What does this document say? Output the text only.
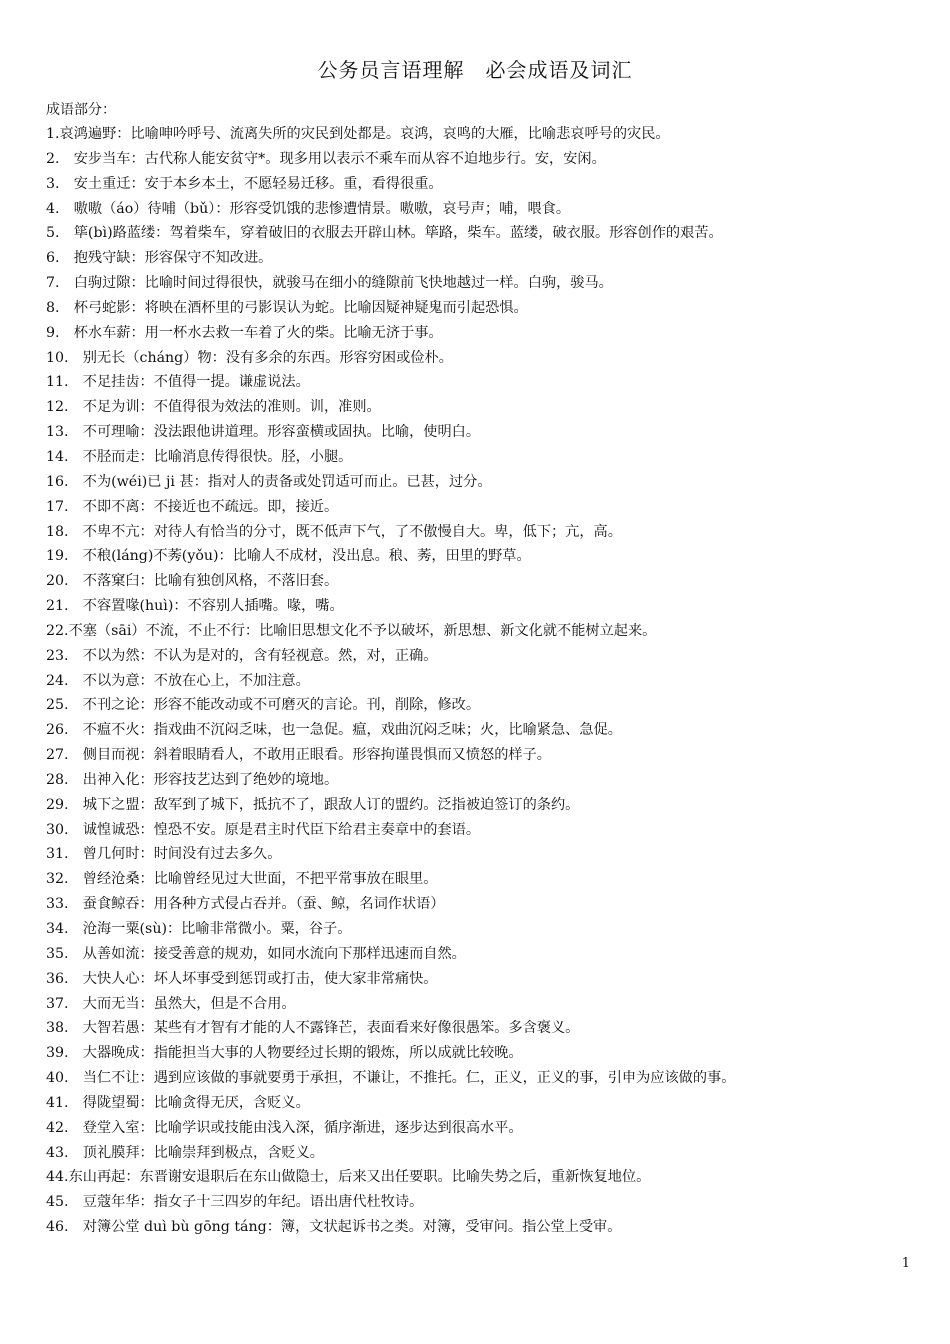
公务员言语理解　必会成语及词汇
成语部分：
1.哀鸿遍野：比喻呻吟呼号、流离失所的灾民到处都是。哀鸿，哀鸣的大雁，比喻悲哀呼号的灾民。
2.　安步当车：古代称人能安贫守*。现多用以表示不乘车而从容不迫地步行。安，安闲。
3.　安土重迁：安于本乡本土，不愿轻易迁移。重，看得很重。
4.　嗷嗷（áo）待哺（bǔ）：形容受饥饿的悲惨遭情景。嗷嗷，哀号声；哺，喂食。
5.　筚(bì)路蓝缕：驾着柴车，穿着破旧的衣服去开辟山林。筚路，柴车。蓝缕，破衣服。形容创作的艰苦。
6.　抱残守缺：形容保守不知改进。
7.　白驹过隙：比喻时间过得很快，就骏马在细小的缝隙前飞快地越过一样。白驹，骏马。
8.　杯弓蛇影：将映在酒杯里的弓影误认为蛇。比喻因疑神疑鬼而引起恐惧。
9.　杯水车薪：用一杯水去救一车着了火的柴。比喻无济于事。
10.　别无长（cháng）物：没有多余的东西。形容穷困或俭朴。
11.　不足挂齿：不值得一提。谦虚说法。
12.　不足为训：不值得很为效法的准则。训，准则。
13.　不可理喻：没法跟他讲道理。形容蛮横或固执。比喻，使明白。
14.　不胫而走：比喻消息传得很快。胫，小腿。
16.　不为(wéi)已 ji 甚：指对人的责备或处罚适可而止。已甚，过分。
17.　不即不离：不接近也不疏远。即，接近。
18.　不卑不亢：对待人有恰当的分寸，既不低声下气，了不傲慢自大。卑，低下；亢，高。
19.　不稂(láng)不莠(yǒu)：比喻人不成材，没出息。稂、莠，田里的野草。
20.　不落窠臼：比喻有独创风格，不落旧套。
21.　不容置喙(huì)：不容别人插嘴。喙，嘴。
22.不塞（sāi）不流，不止不行：比喻旧思想文化不予以破坏，新思想、新文化就不能树立起来。
23.　不以为然：不认为是对的，含有轻视意。然，对，正确。
24.　不以为意：不放在心上，不加注意。
25.　不刊之论：形容不能改动或不可磨灭的言论。刊，削除，修改。
26.　不瘟不火：指戏曲不沉闷乏味，也一急促。瘟，戏曲沉闷乏味；火，比喻紧急、急促。
27.　侧目而视：斜着眼睛看人，不敢用正眼看。形容拘谨畏惧而又愤怒的样子。
28.　出神入化：形容技艺达到了绝妙的境地。
29.　城下之盟：敌军到了城下，抵抗不了，跟敌人订的盟约。泛指被迫签订的条约。
30.　诚惶诚恐：惶恐不安。原是君主时代臣下给君主奏章中的套语。
31.　曾几何时：时间没有过去多久。
32.　曾经沧桑：比喻曾经见过大世面，不把平常事放在眼里。
33.　蚕食鲸吞：用各种方式侵占吞并。（蚕、鲸，名词作状语）
34.　沧海一粟(sù)：比喻非常微小。粟，谷子。
35.　从善如流：接受善意的规劝，如同水流向下那样迅速而自然。
36.　大快人心：坏人坏事受到惩罚或打击，使大家非常痛快。
37.　大而无当：虽然大，但是不合用。
38.　大智若愚：某些有才智有才能的人不露锋芒，表面看来好像很愚笨。多含褒义。
39.　大器晚成：指能担当大事的人物要经过长期的锻炼，所以成就比较晚。
40.　当仁不让：遇到应该做的事就要勇于承担，不谦让，不推托。仁，正义，正义的事，引申为应该做的事。
41.　得陇望蜀：比喻贪得无厌，含贬义。
42.　登堂入室：比喻学识或技能由浅入深，循序渐进，逐步达到很高水平。
43.　顶礼膜拜：比喻崇拜到极点，含贬义。
44.东山再起：东晋谢安退职后在东山做隐士，后来又出任要职。比喻失势之后，重新恢复地位。
45.　豆蔻年华：指女子十三四岁的年纪。语出唐代杜牧诗。
46.　对簿公堂 duì bù gōng táng：簿，文状起诉书之类。对簿，受审问。指公堂上受审。
1
